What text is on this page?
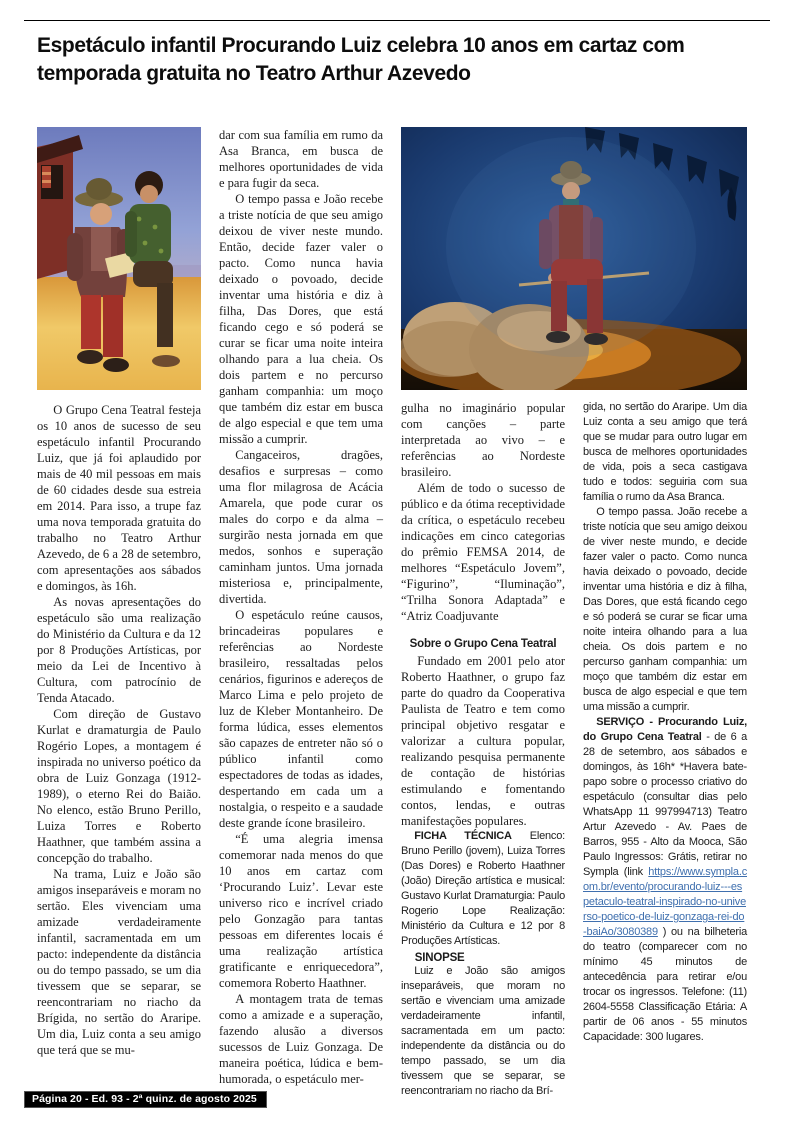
Espetáculo infantil Procurando Luiz celebra 10 anos em cartaz com temporada gratuita no Teatro Arthur Azevedo

O Grupo Cena Teatral festeja os 10 anos de sucesso de seu espetáculo infantil Procurando Luiz, que já foi aplaudido por mais de 40 mil pessoas em mais de 60 cidades desde sua estreia em 2014. Para isso, a trupe faz uma nova temporada gratuita do trabalho no Teatro Arthur Azevedo, de 6 a 28 de setembro, com apresentações aos sábados e domingos, às 16h.

As novas apresentações do espetáculo são uma realização do Ministério da Cultura e da 12 por 8 Produções Artísticas, por meio da Lei de Incentivo à Cultura, com patrocínio de Tenda Atacado.

Com direção de Gustavo Kurlat e dramaturgia de Paulo Rogério Lopes, a montagem é inspirada no universo poético da obra de Luiz Gonzaga (1912-1989), o eterno Rei do Baião. No elenco, estão Bruno Perillo, Luiza Torres e Roberto Haathner, que também assina a concepção do trabalho.

Na trama, Luiz e João são amigos inseparáveis e moram no sertão. Eles vivenciam uma amizade verdadeiramente infantil, sacramentada em um pacto: independente da distância ou do tempo passado, se um dia tivessem que se separar, se reencontrariam no riacho da Brígida, no sertão do Araripe. Um dia, Luiz conta a seu amigo que terá que se mu-

dar com sua família em rumo da Asa Branca, em busca de melhores oportunidades de vida e para fugir da seca.

O tempo passa e João recebe a triste notícia de que seu amigo deixou de viver neste mundo. Então, decide fazer valer o pacto. Como nunca havia deixado o povoado, decide inventar uma história e diz à filha, Das Dores, que está ficando cego e só poderá se curar se ficar uma noite inteira olhando para a lua cheia. Os dois partem e no percurso ganham companhia: um moço que também diz estar em busca de algo especial e que tem uma missão a cumprir.

Cangaceiros, dragões, desafios e surpresas – como uma flor milagrosa de Acácia Amarela, que pode curar os males do corpo e da alma – surgirão nesta jornada em que medos, sonhos e superação caminham juntos. Uma jornada misteriosa e, principalmente, divertida.

O espetáculo reúne causos, brincadeiras populares e referências ao Nordeste brasileiro, ressaltadas pelos cenários, figurinos e adereços de Marco Lima e pelo projeto de luz de Kleber Montanheiro. De forma lúdica, esses elementos são capazes de entreter não só o público infantil como espectadores de todas as idades, despertando em cada um a nostalgia, o respeito e a saudade deste grande ícone brasileiro.

“É uma alegria imensa comemorar nada menos do que 10 anos em cartaz com ‘Procurando Luiz’. Levar este universo rico e incrível criado pelo Gonzagão para tantas pessoas em diferentes locais é uma realização artística gratificante e enriquecedora”, comemora Roberto Haathner.

A montagem trata de temas como a amizade e a superação, fazendo alusão a diversos sucessos de Luiz Gonzaga. De maneira poética, lúdica e bem-humorada, o espetáculo mer-

gulha no imaginário popular com canções – parte interpretada ao vivo – e referências ao Nordeste brasileiro.

Além de todo o sucesso de público e da ótima receptividade da crítica, o espetáculo recebeu indicações em cinco categorias do prêmio FEMSA 2014, de melhores “Espetáculo Jovem”, “Figurino”, “Iluminação”, “Trilha Sonora Adaptada” e “Atriz Coadjuvante

Sobre o Grupo Cena Teatral

Fundado em 2001 pelo ator Roberto Haathner, o grupo faz parte do quadro da Cooperativa Paulista de Teatro e tem como principal objetivo resgatar e valorizar a cultura popular, realizando pesquisa permanente de contação de histórias estimulando e fomentando contos, lendas, e outras manifestações populares.

FICHA TÉCNICA Elenco: Bruno Perillo (jovem), Luiza Torres (Das Dores) e Roberto Haathner (João) Direção artística e musical: Gustavo Kurlat Dramaturgia: Paulo Rogerio Lope Realização: Ministério da Cultura e 12 por 8 Produções Artísticas.

SINOPSE

Luiz e João são amigos inseparáveis, que moram no sertão e vivenciam uma amizade verdadeiramente infantil, sacramentada em um pacto: independente da distância ou do tempo passado, se um dia tivessem que se separar, se reencontrariam no riacho da Brí-

gida, no sertão do Araripe. Um dia Luiz conta a seu amigo que terá que se mudar para outro lugar em busca de melhores oportunidades de vida, pois a seca castigava tudo e todos: seguiria com sua família o rumo da Asa Branca.

O tempo passa. João recebe a triste notícia que seu amigo deixou de viver neste mundo, e decide fazer valer o pacto. Como nunca havia deixado o povoado, decide inventar uma história e diz à filha, Das Dores, que está ficando cego e só poderá se curar se ficar uma noite inteira olhando para a lua cheia. Os dois partem e no percurso ganham companhia: um moço que também diz estar em busca de algo especial e que tem uma missão a cumprir.

SERVIÇO - Procurando Luiz, do Grupo Cena Teatral - de 6 a 28 de setembro, aos sábados e domingos, às 16h* *Havera bate-papo sobre o processo criativo do espetáculo (consultar dias pelo WhatsApp 11 997994713) Teatro Artur Azevedo - Av. Paes de Barros, 955 - Alto da Mooca, São Paulo Ingressos: Grátis, retirar no Sympla (link https://www.sympla.com.br/evento/procurando-luiz---espetaculo-teatral-inspirado-no-universo-poetico-de-luiz-gonzaga-rei-do-baiAo/3080389 ) ou na bilheteria do teatro (comparecer com no mínimo 45 minutos de antecedência para retirar e/ou trocar os ingressos. Telefone: (11) 2604-5558 Classificação Etária: A partir de 06 anos - 55 minutos Capacidade: 300 lugares.

Página 20 - Ed. 93 - 2ª quinz. de agosto 2025
